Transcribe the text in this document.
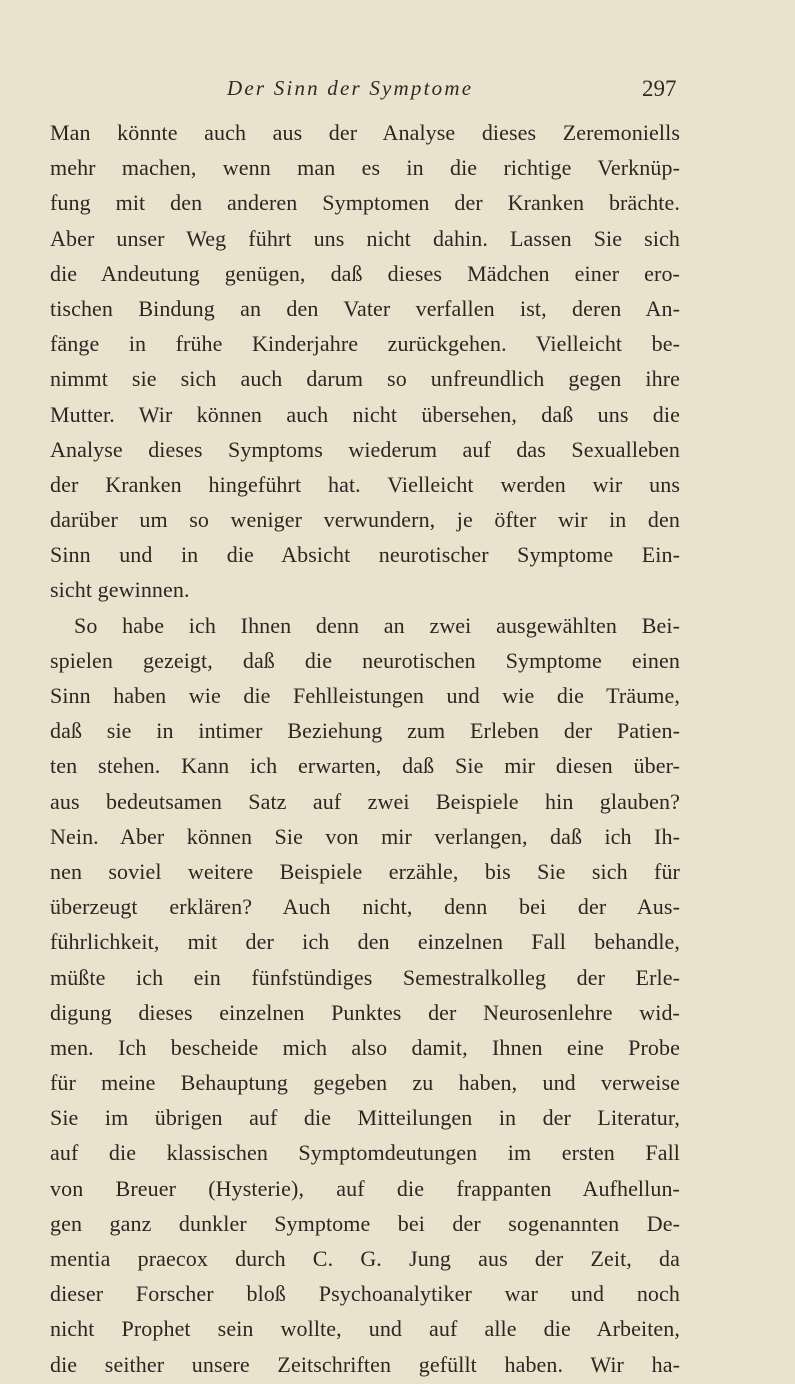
Der Sinn der Symptome	297
Man könnte auch aus der Analyse dieses Zeremoniells
mehr machen, wenn man es in die richtige Verknüp-
fung mit den anderen Symptomen der Kranken brächte.
Aber unser Weg führt uns nicht dahin. Lassen Sie sich
die Andeutung genügen, daß dieses Mädchen einer ero-
tischen Bindung an den Vater verfallen ist, deren An-
fänge in frühe Kinderjahre zurückgehen. Vielleicht be-
nimmt sie sich auch darum so unfreundlich gegen ihre
Mutter. Wir können auch nicht übersehen, daß uns die
Analyse dieses Symptoms wiederum auf das Sexualleben
der Kranken hingeführt hat. Vielleicht werden wir uns
darüber um so weniger verwundern, je öfter wir in den
Sinn und in die Absicht neurotischer Symptome Ein-
sicht gewinnen.
So habe ich Ihnen denn an zwei ausgewählten Bei-
spielen gezeigt, daß die neurotischen Symptome einen
Sinn haben wie die Fehlleistungen und wie die Träume,
daß sie in intimer Beziehung zum Erleben der Patien-
ten stehen. Kann ich erwarten, daß Sie mir diesen über-
aus bedeutsamen Satz auf zwei Beispiele hin glauben?
Nein. Aber können Sie von mir verlangen, daß ich Ih-
nen soviel weitere Beispiele erzähle, bis Sie sich für
überzeugt erklären? Auch nicht, denn bei der Aus-
führlichkeit, mit der ich den einzelnen Fall behandle,
müßte ich ein fünfstündiges Semestralkolleg der Erle-
digung dieses einzelnen Punktes der Neurosenlehre wid-
men. Ich bescheide mich also damit, Ihnen eine Probe
für meine Behauptung gegeben zu haben, und verweise
Sie im übrigen auf die Mitteilungen in der Literatur,
auf die klassischen Symptomdeutungen im ersten Fall
von Breuer (Hysterie), auf die frappanten Aufhellun-
gen ganz dunkler Symptome bei der sogenannten De-
mentia praecox durch C. G. Jung aus der Zeit, da
dieser Forscher bloß Psychoanalytiker war und noch
nicht Prophet sein wollte, und auf alle die Arbeiten,
die seither unsere Zeitschriften gefüllt haben. Wir ha-
